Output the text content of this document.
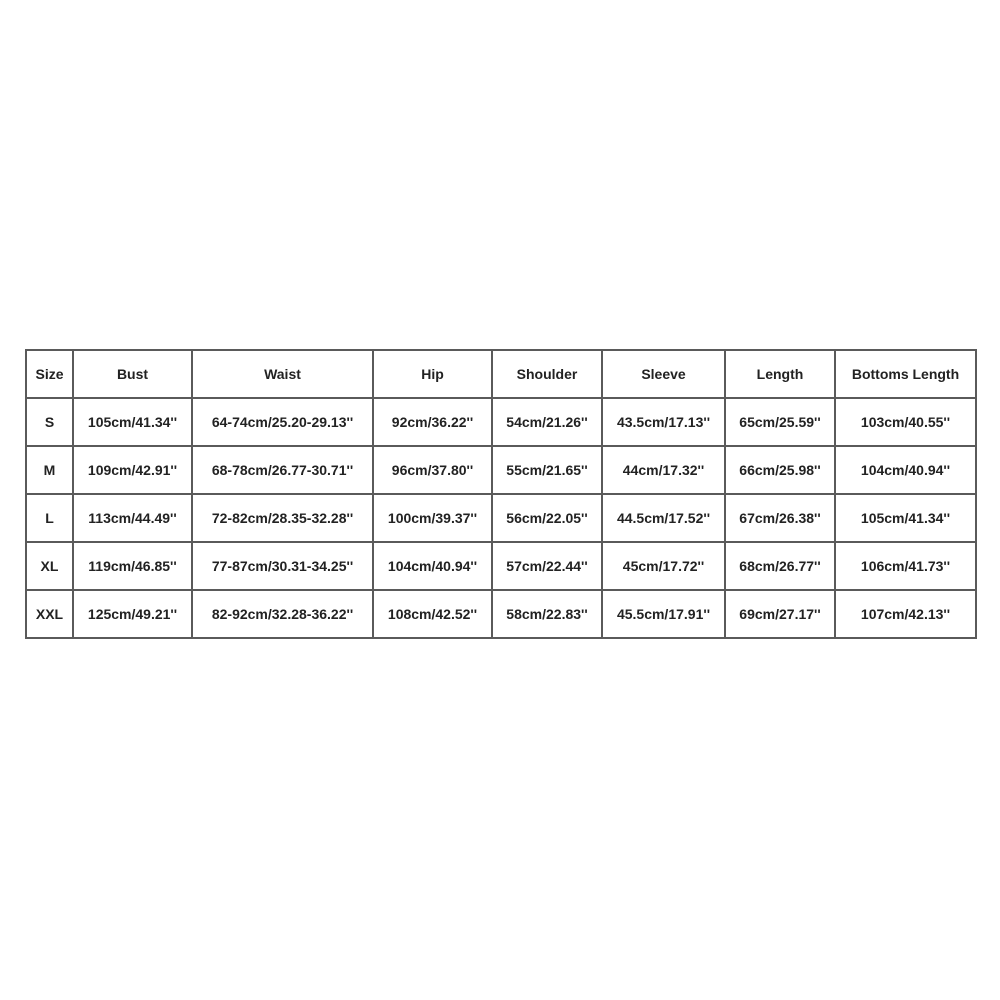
Size	Bust	Waist	Hip	Shoulder	Sleeve	Length	Bottoms Length
S	105cm/41.34''	64-74cm/25.20-29.13''	92cm/36.22''	54cm/21.26''	43.5cm/17.13''	65cm/25.59''	103cm/40.55''
M	109cm/42.91''	68-78cm/26.77-30.71''	96cm/37.80''	55cm/21.65''	44cm/17.32''	66cm/25.98''	104cm/40.94''
L	113cm/44.49''	72-82cm/28.35-32.28''	100cm/39.37''	56cm/22.05''	44.5cm/17.52''	67cm/26.38''	105cm/41.34''
XL	119cm/46.85''	77-87cm/30.31-34.25''	104cm/40.94''	57cm/22.44''	45cm/17.72''	68cm/26.77''	106cm/41.73''
XXL	125cm/49.21''	82-92cm/32.28-36.22''	108cm/42.52''	58cm/22.83''	45.5cm/17.91''	69cm/27.17''	107cm/42.13''
